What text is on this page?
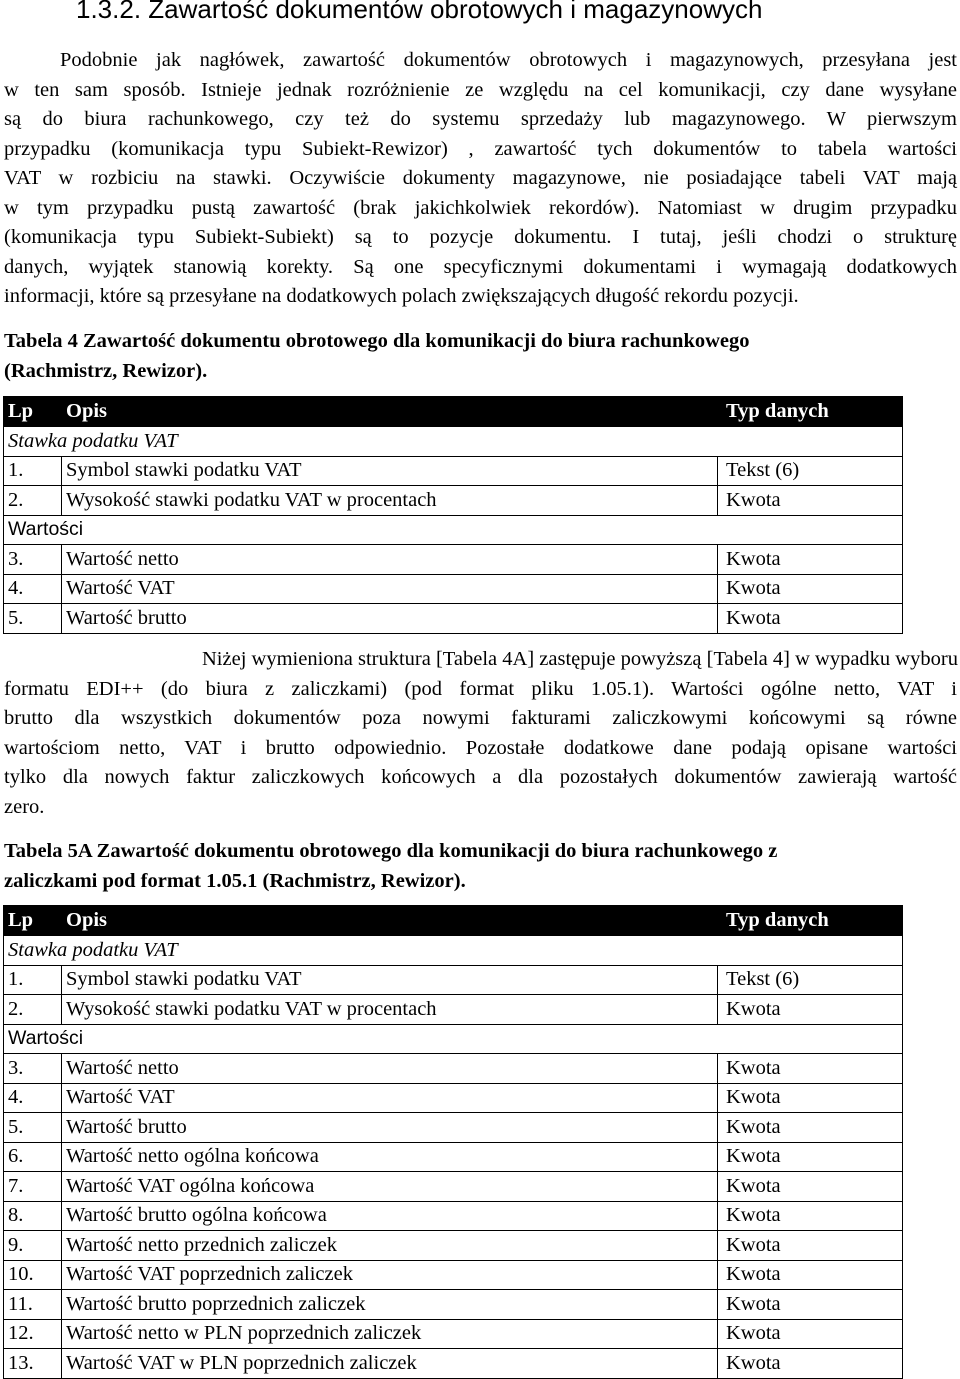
1.3.2. Zawartość dokumentów obrotowych i magazynowych
Podobnie jak nagłówek, zawartość dokumentów obrotowych i magazynowych, przesyłana jest
w ten sam sposób. Istnieje jednak rozróżnienie ze względu na cel komunikacji, czy dane wysyłane
są do biura rachunkowego, czy też do systemu sprzedaży lub magazynowego. W pierwszym
przypadku (komunikacja typu Subiekt-Rewizor) , zawartość tych dokumentów to tabela wartości
VAT w rozbiciu na stawki. Oczywiście dokumenty magazynowe, nie posiadające tabeli VAT mają
w tym przypadku pustą zawartość (brak jakichkolwiek rekordów). Natomiast w drugim przypadku
(komunikacja typu Subiekt-Subiekt) są to pozycje dokumentu. I tutaj, jeśli chodzi o strukturę
danych, wyjątek stanowią korekty. Są one specyficznymi dokumentami i wymagają dodatkowych
informacji, które są przesyłane na dodatkowych polach zwiększających długość rekordu pozycji.
Tabela 4 Zawartość dokumentu obrotowego dla komunikacji do biura rachunkowego
(Rachmistrz, Rewizor).
Lp	Opis	Typ danych
Stawka podatku VAT		
1.	Symbol stawki podatku VAT	Tekst (6)
2.	Wysokość stawki podatku VAT w procentach	Kwota
Wartości		
3.	Wartość netto	Kwota
4.	Wartość VAT	Kwota
5.	Wartość brutto	Kwota
Niżej wymieniona struktura [Tabela 4A] zastępuje powyższą [Tabela 4] w wypadku wyboru
formatu EDI++ (do biura z zaliczkami) (pod format pliku 1.05.1). Wartości ogólne netto, VAT i
brutto dla wszystkich dokumentów poza nowymi fakturami zaliczkowymi końcowymi są równe
wartościom netto, VAT i brutto odpowiednio. Pozostałe dodatkowe dane podają opisane wartości
tylko dla nowych faktur zaliczkowych końcowych a dla pozostałych dokumentów zawierają wartość
zero.
Tabela 5A Zawartość dokumentu obrotowego dla komunikacji do biura rachunkowego z
zaliczkami pod format 1.05.1 (Rachmistrz, Rewizor).
Lp	Opis	Typ danych
Stawka podatku VAT		
1.	Symbol stawki podatku VAT	Tekst (6)
2.	Wysokość stawki podatku VAT w procentach	Kwota
Wartości		
3.	Wartość netto	Kwota
4.	Wartość VAT	Kwota
5.	Wartość brutto	Kwota
6.	Wartość netto ogólna końcowa	Kwota
7.	Wartość VAT ogólna końcowa	Kwota
8.	Wartość brutto ogólna końcowa	Kwota
9.	Wartość netto przednich zaliczek	Kwota
10.	Wartość VAT poprzednich zaliczek	Kwota
11.	Wartość brutto poprzednich zaliczek	Kwota
12.	Wartość netto w PLN poprzednich zaliczek	Kwota
13.	Wartość VAT w PLN poprzednich zaliczek	Kwota
